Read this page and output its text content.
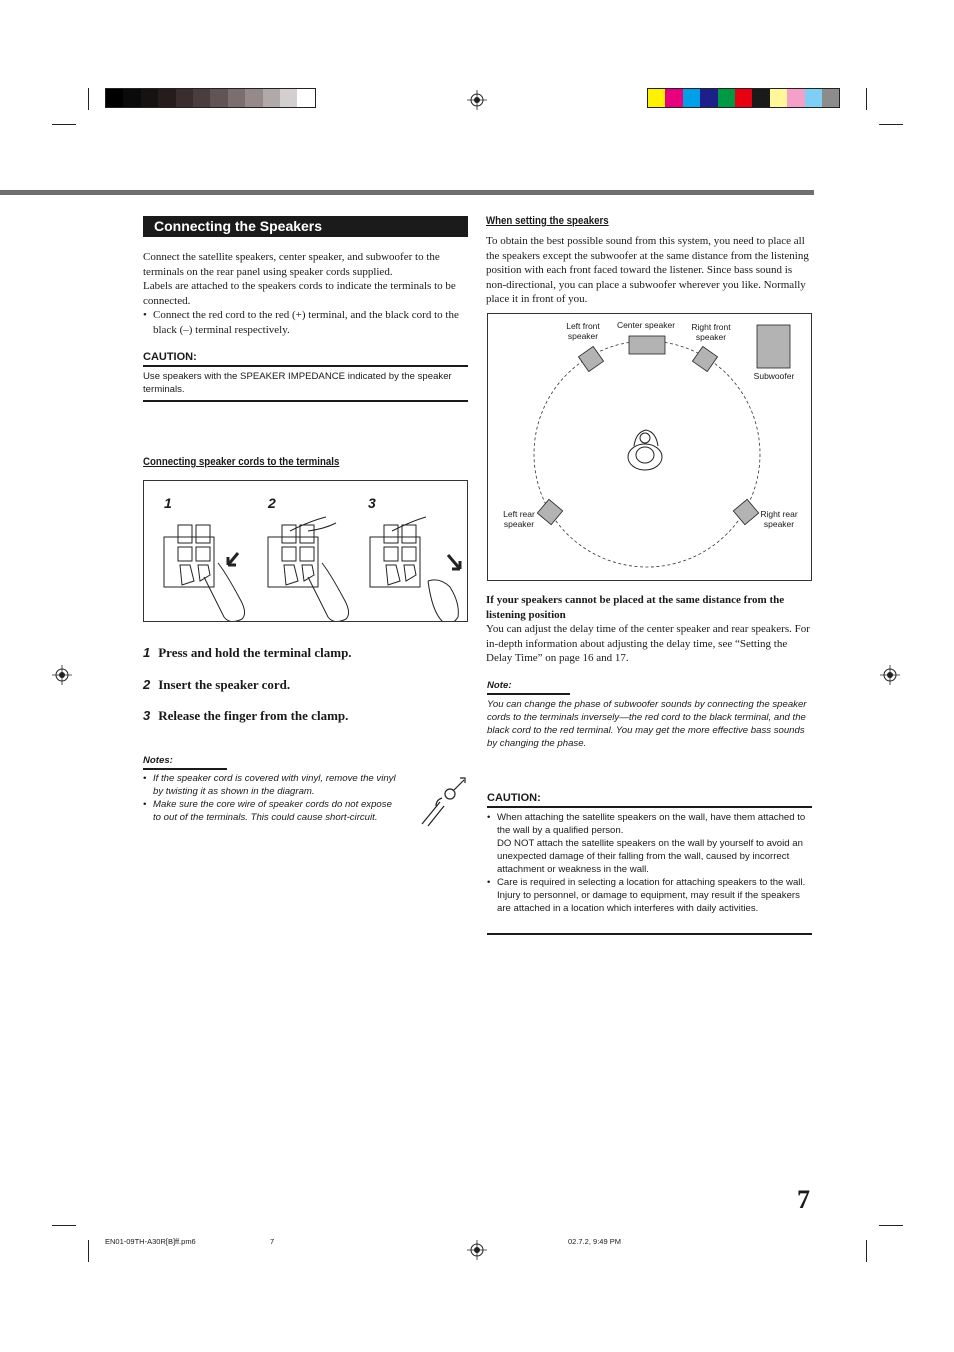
Connecting the Speakers
Connect the satellite speakers, center speaker, and subwoofer to the terminals on the rear panel using speaker cords supplied.
Labels are attached to the speakers cords to indicate the terminals to be connected.
• Connect the red cord to the red (+) terminal, and the black cord to the black (–) terminal respectively.
CAUTION:
Use speakers with the SPEAKER IMPEDANCE indicated by the speaker terminals.
Connecting speaker cords to the terminals
1	2	3
1 Press and hold the terminal clamp.
2 Insert the speaker cord.
3 Release the finger from the clamp.
Notes:
• If the speaker cord is covered with vinyl, remove the vinyl by twisting it as shown in the diagram.
• Make sure the core wire of speaker cords do not expose to out of the terminals. This could cause short-circuit.
When setting the speakers
To obtain the best possible sound from this system, you need to place all the speakers except the subwoofer at the same distance from the listening position with each front faced toward the listener. Since bass sound is non-directional, you can place a subwoofer wherever you like. Normally place it in front of you.
Left front
speaker
Center speaker	Right front
speaker
Subwoofer
Left rear
speaker
Right rear
speaker
If your speakers cannot be placed at the same distance from the listening position
You can adjust the delay time of the center speaker and rear speakers. For in-depth information about adjusting the delay time, see “Setting the Delay Time” on page 16 and 17.
Note:
You can change the phase of subwoofer sounds by connecting the speaker cords to the terminals inversely—the red cord to the black terminal, and the black cord to the red terminal. You may get the more effective bass sounds by changing the phase.
CAUTION:
• When attaching the satellite speakers on the wall, have them attached to the wall by a qualified person.
DO NOT attach the satellite speakers on the wall by yourself to avoid an unexpected damage of their falling from the wall, caused by incorrect attachment or weakness in the wall.
• Care is required in selecting a location for attaching speakers to the wall. Injury to personnel, or damage to equipment, may result if the speakers are attached in a location which interferes with daily activities.
7
EN01-09TH-A30R[B]ff.pm6	7	02.7.2, 9:49 PM
